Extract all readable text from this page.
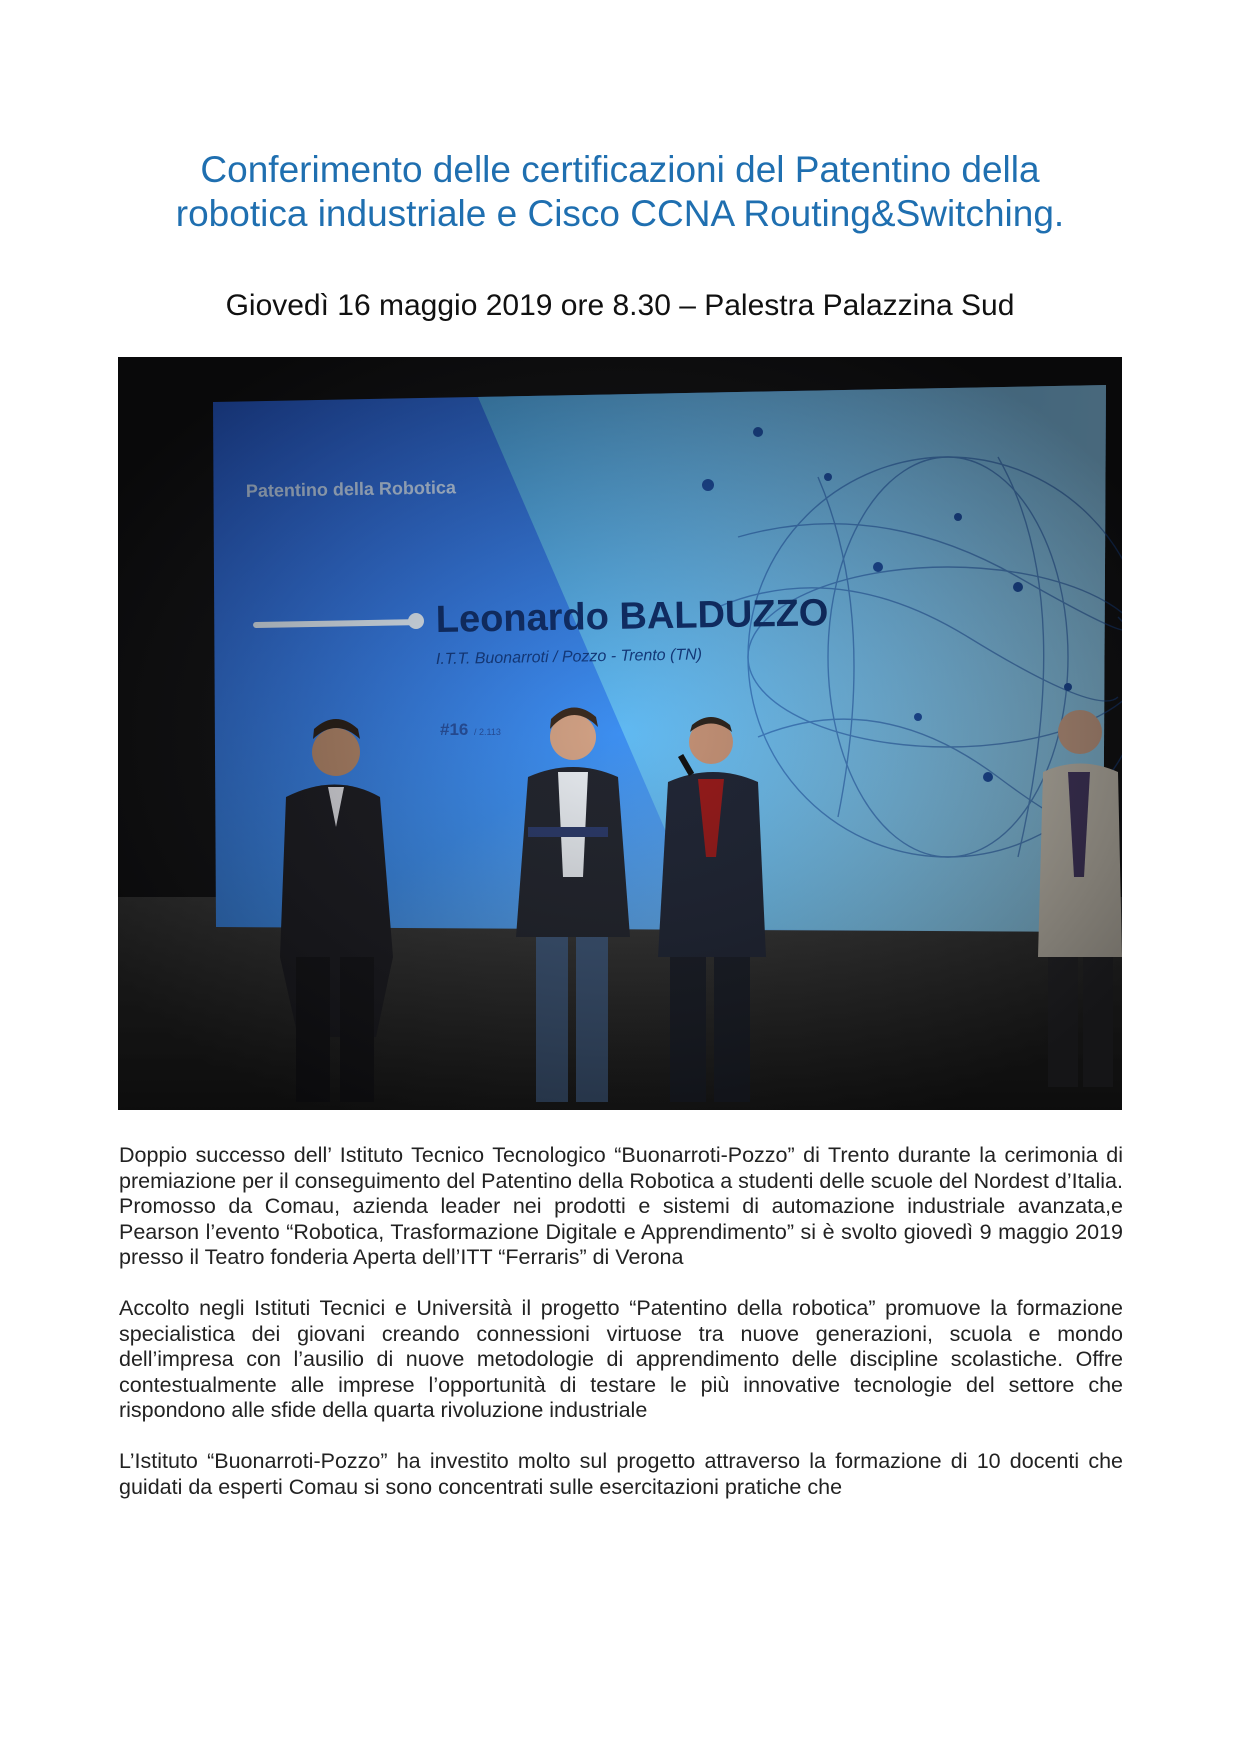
Conferimento delle certificazioni del Patentino della
robotica industriale e Cisco CCNA Routing&Switching.

Giovedì 16 maggio 2019 ore 8.30 – Palestra Palazzina Sud

Doppio successo dell’ Istituto Tecnico Tecnologico “Buonarroti-Pozzo” di Trento durante la cerimonia di premiazione per il conseguimento del Patentino della Robotica a studenti delle scuole del Nordest d’Italia. Promosso da Comau, azienda leader nei prodotti e sistemi di automazione industriale avanzata,e Pearson l’evento “Robotica, Trasformazione Digitale e Apprendimento” si è svolto giovedì 9 maggio 2019 presso il Teatro fonderia Aperta dell’ITT “Ferraris” di Verona

Accolto negli Istituti Tecnici e Università il progetto “Patentino della robotica” promuove la formazione specialistica dei giovani creando connessioni virtuose tra nuove generazioni, scuola e mondo dell’impresa con l’ausilio di nuove metodologie di apprendimento delle discipline scolastiche. Offre contestualmente alle imprese l’opportunità di testare le più innovative tecnologie del settore che rispondono alle sfide della quarta rivoluzione industriale

L’Istituto “Buonarroti-Pozzo” ha investito molto sul progetto attraverso la formazione di 10 docenti che guidati da esperti Comau si sono concentrati sulle esercitazioni pratiche che
